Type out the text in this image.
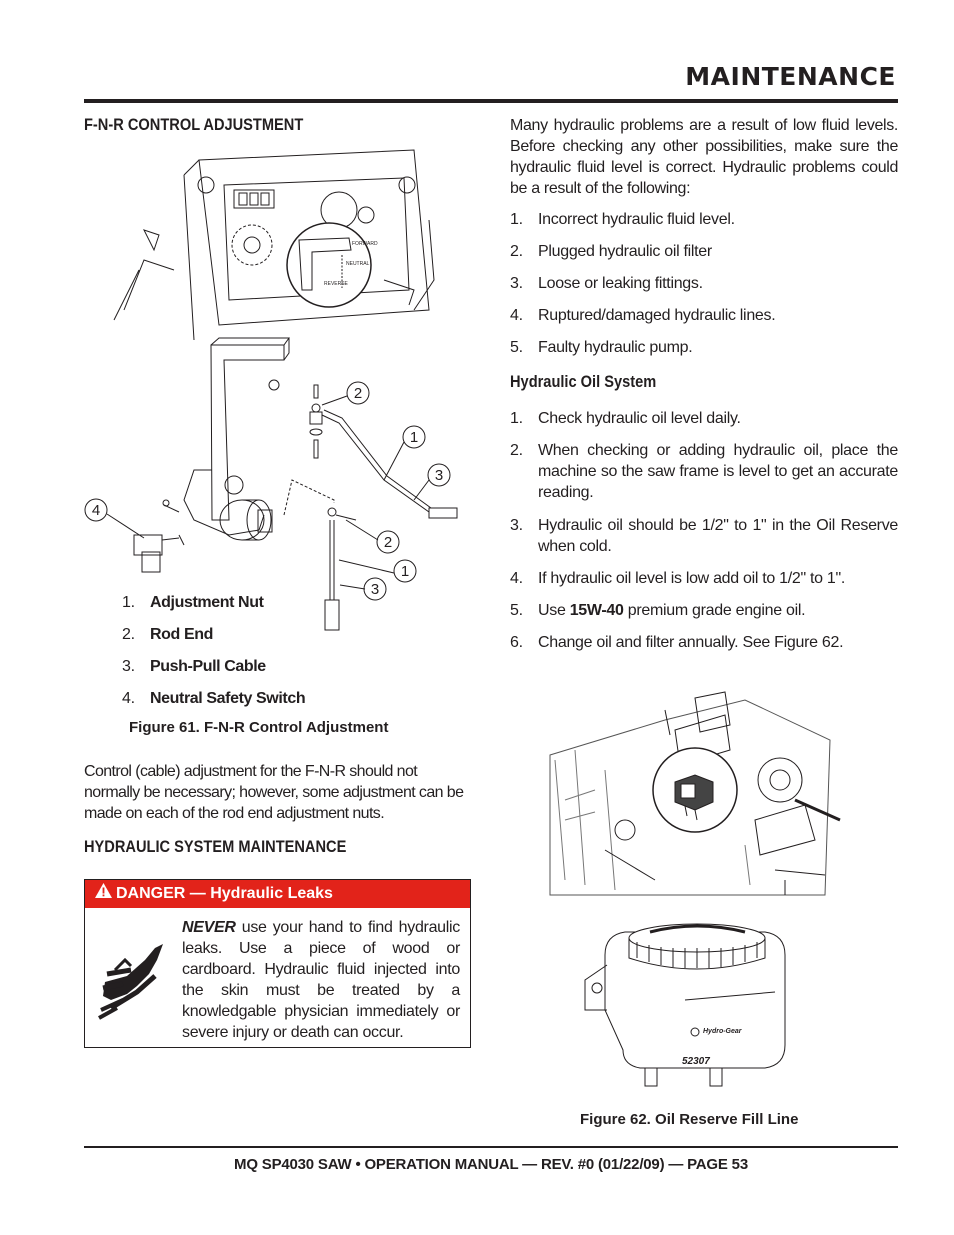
MAINTENANCE
F-N-R CONTROL ADJUSTMENT
2
1
3
4
2
1
3
FORWARD
NEUTRAL
REVERSE
1. Adjustment Nut
2. Rod End
3. Push-Pull Cable
4. Neutral Safety Switch
Figure 61. F-N-R Control Adjustment
Control (cable) adjustment for the F-N-R should not normally be necessary; however, some adjustment can be made on each of the rod end adjustment nuts.
HYDRAULIC SYSTEM MAINTENANCE
DANGER — Hydraulic Leaks
NEVER use your hand to find hydraulic leaks. Use a piece of wood or cardboard. Hydraulic fluid injected into the skin must be treated by a knowledgable physician immediately or severe injury or death can occur.
Many hydraulic problems are a result of low fluid levels. Before checking any other possibilities, make sure the hydraulic fluid level is correct. Hydraulic problems could be a result of the following:
1. Incorrect hydraulic fluid level.
2. Plugged hydraulic oil filter
3. Loose or leaking fittings.
4. Ruptured/damaged hydraulic lines.
5. Faulty hydraulic pump.
Hydraulic Oil System
1. Check hydraulic oil level daily.
2. When checking or adding hydraulic oil, place the machine so the saw frame is level to get an accurate reading.
3. Hydraulic oil should be 1/2" to 1" in the Oil Reserve when cold.
4. If hydraulic oil level is low add oil to 1/2" to 1".
5. Use 15W-40 premium grade engine oil.
6. Change oil and filter annually. See Figure 62.
Hydro-Gear
52307
Figure 62. Oil Reserve Fill Line
MQ SP4030 SAW • OPERATION MANUAL — REV. #0 (01/22/09) — PAGE 53
